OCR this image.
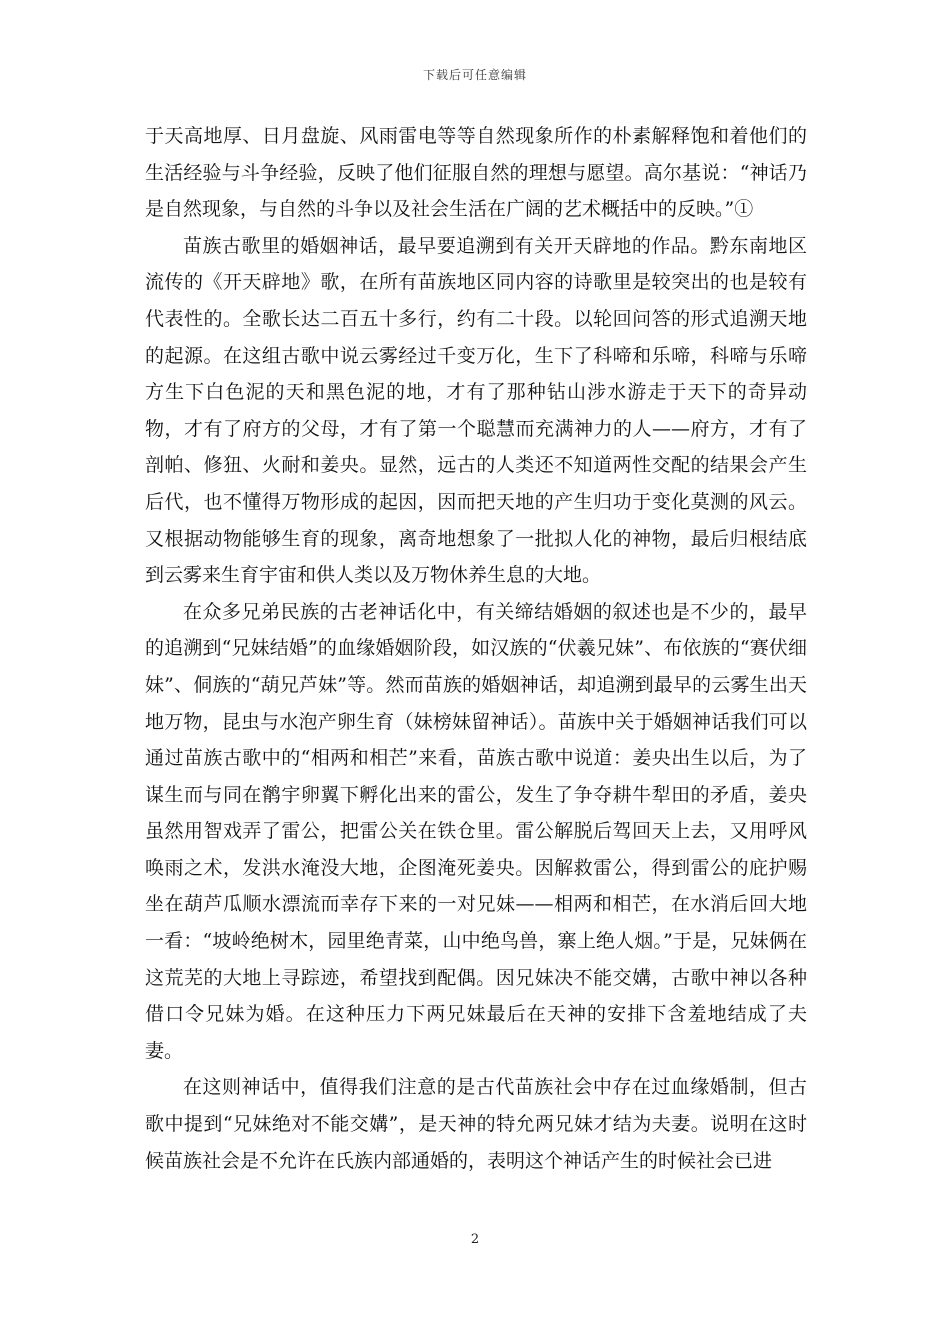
下载后可任意编辑

于天高地厚、日月盘旋、风雨雷电等等自然现象所作的朴素解释饱和着他们的生活经验与斗争经验，反映了他们征服自然的理想与愿望。高尔基说：“神话乃是自然现象，与自然的斗争以及社会生活在广阔的艺术概括中的反映。”①

苗族古歌里的婚姻神话，最早要追溯到有关开天辟地的作品。黔东南地区流传的《开天辟地》歌，在所有苗族地区同内容的诗歌里是较突出的也是较有代表性的。全歌长达二百五十多行，约有二十段。以轮回问答的形式追溯天地的起源。在这组古歌中说云雾经过千变万化，生下了科啼和乐啼，科啼与乐啼方生下白色泥的天和黑色泥的地，才有了那种钻山涉水游走于天下的奇异动物，才有了府方的父母，才有了第一个聪慧而充满神力的人——府方，才有了剖帕、修狃、火耐和姜央。显然，远古的人类还不知道两性交配的结果会产生后代，也不懂得万物形成的起因，因而把天地的产生归功于变化莫测的风云。又根据动物能够生育的现象，离奇地想象了一批拟人化的神物，最后归根结底到云雾来生育宇宙和供人类以及万物休养生息的大地。

在众多兄弟民族的古老神话化中，有关缔结婚姻的叙述也是不少的，最早的追溯到“兄妹结婚”的血缘婚姻阶段，如汉族的“伏羲兄妹”、布依族的“赛伏细妹”、侗族的“葫兄芦妹”等。然而苗族的婚姻神话，却追溯到最早的云雾生出天地万物，昆虫与水泡产卵生育（妹榜妹留神话）。苗族中关于婚姻神话我们可以通过苗族古歌中的“相两和相芒”来看，苗族古歌中说道：姜央出生以后，为了谋生而与同在鹡宇卵翼下孵化出来的雷公，发生了争夺耕牛犁田的矛盾，姜央虽然用智戏弄了雷公，把雷公关在铁仓里。雷公解脱后驾回天上去，又用呼风唤雨之术，发洪水淹没大地，企图淹死姜央。因解救雷公，得到雷公的庇护赐坐在葫芦瓜顺水漂流而幸存下来的一对兄妹——相两和相芒，在水消后回大地一看：“坡岭绝树木，园里绝青菜，山中绝鸟兽，寨上绝人烟。”于是，兄妹俩在这荒芜的大地上寻踪迹，希望找到配偶。因兄妹决不能交媾，古歌中神以各种借口令兄妹为婚。在这种压力下两兄妹最后在天神的安排下含羞地结成了夫妻。

在这则神话中，值得我们注意的是古代苗族社会中存在过血缘婚制，但古歌中提到“兄妹绝对不能交媾”，是天神的特允两兄妹才结为夫妻。说明在这时候苗族社会是不允许在氏族内部通婚的，表明这个神话产生的时候社会已进

2
